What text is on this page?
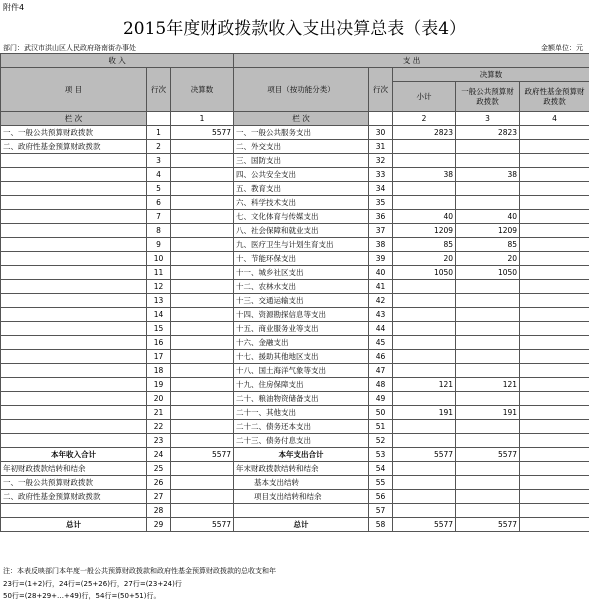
附件4
2015年度财政拨款收入支出决算总表（表4）
部门：武汉市洪山区人民政府珞南街办事处	金额单位：元
收 入			支 出				
项 目	行次	决算数	项目（按功能分类）	行次	决算数		
					小计	一般公共预算财政拨款	政府性基金预算财政拨款
栏 次		1	栏 次		2	3	4
一、一般公共预算财政拨款	1	5577	一、一般公共服务支出	30	2823	2823	
二、政府性基金预算财政拨款	2		二、外交支出	31			
	3		三、国防支出	32			
	4		四、公共安全支出	33	38	38	
	5		五、教育支出	34			
	6		六、科学技术支出	35			
	7		七、文化体育与传媒支出	36	40	40	
	8		八、社会保障和就业支出	37	1209	1209	
	9		九、医疗卫生与计划生育支出	38	85	85	
	10		十、节能环保支出	39	20	20	
	11		十一、城乡社区支出	40	1050	1050	
	12		十二、农林水支出	41			
	13		十三、交通运输支出	42			
	14		十四、资源勘探信息等支出	43			
	15		十五、商业服务业等支出	44			
	16		十六、金融支出	45			
	17		十七、援助其他地区支出	46			
	18		十八、国土海洋气象等支出	47			
	19		十九、住房保障支出	48	121	121	
	20		二十、粮油物资储备支出	49			
	21		二十一、其他支出	50	191	191	
	22		二十二、债务还本支出	51			
	23		二十三、债务付息支出	52			
本年收入合计	24	5577	本年支出合计	53	5577	5577	
年初财政拨款结转和结余	25		年末财政拨款结转和结余	54			
一、一般公共预算财政拨款	26		基本支出结转	55			
二、政府性基金预算财政拨款	27		项目支出结转和结余	56			
	28			57			
总计	29	5577	总计	58	5577	5577	
注：本表反映部门本年度一般公共预算财政拨款和政府性基金预算财政拨款的总收支和年
23行=(1+2)行，24行=(25+26)行，27行=(23+24)行
50行=(28+29+…+49)行，54行=(50+51)行。
